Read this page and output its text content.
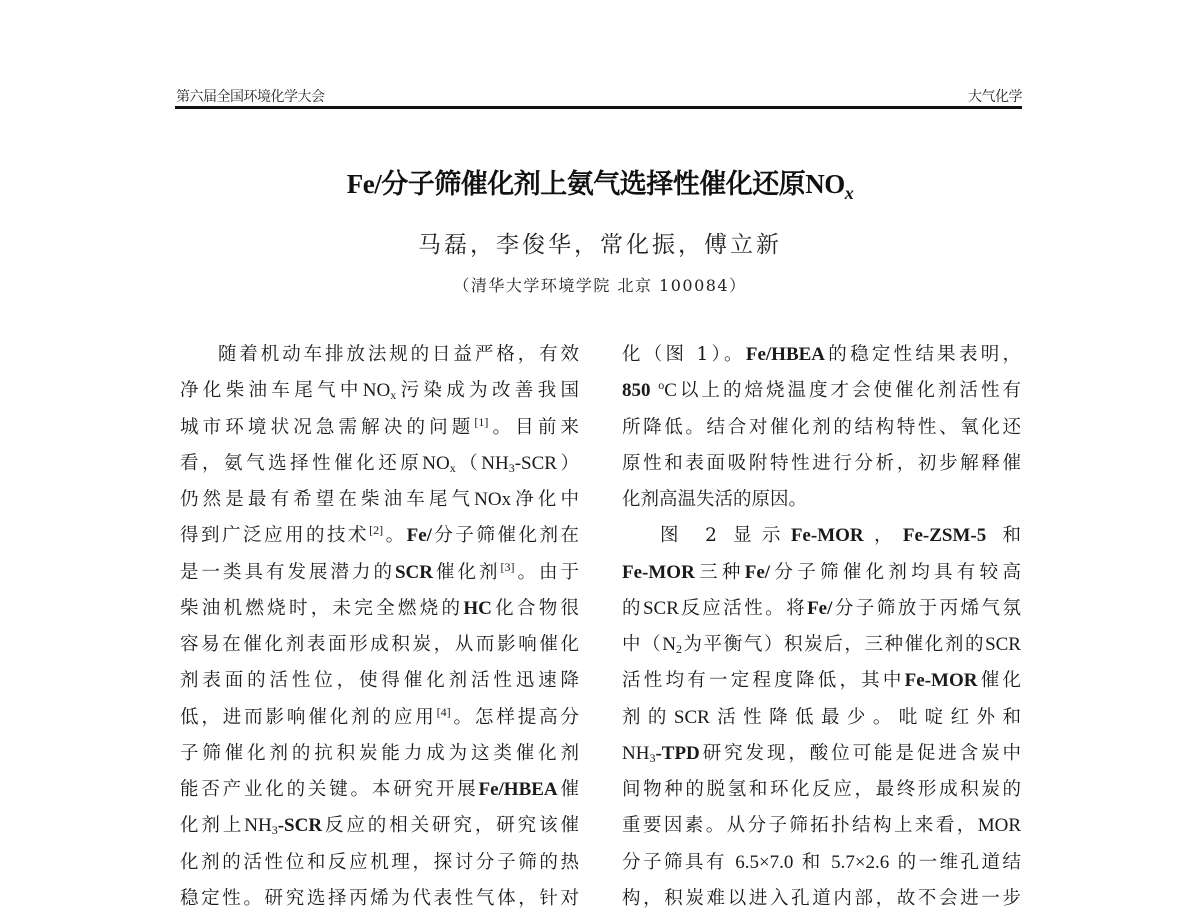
第六届全国环境化学大会	大气化学
Fe/分子筛催化剂上氨气选择性催化还原$NO_x$
马磊，李俊华，常化振，傅立新
（清华大学环境学院 北京 100084）
随着机动车排放法规的日益严格，有效
净化柴油车尾气中$NO_x$污染成为改善我国
城市环境状况急需解决的问题[1]。目前来
看，氨气选择性催化还原$NO_x(NH_3-SCR)$
仍然是最有希望在柴油车尾气NOx净化中
得到广泛应用的技术[2]。Fe/分子筛催化剂在
是一类具有发展潜力的SCR催化剂[3]。由于
柴油机燃烧时，未完全燃烧的HC化合物很
容易在催化剂表面形成积炭，从而影响催化
剂表面的活性位，使得催化剂活性迅速降
低，进而影响催化剂的应用[4]。怎样提高分
子筛催化剂的抗积炭能力成为这类催化剂
能否产业化的关键。本研究开展Fe/HBEA催
化剂上$NH_3$-SCR反应的相关研究，研究该催
化剂的活性位和反应机理，探讨分子筛的热
稳定性。研究选择丙烯为代表性气体，针对
化（图 1）。Fe/HBEA的稳定性结果表明，
850 $^o$C以上的焙烧温度才会使催化剂活性有
所降低。结合对催化剂的结构特性、氧化还
原性和表面吸附特性进行分析，初步解释催
化剂高温失活的原因。
图 2 显示Fe-MOR，Fe-ZSM-5 和
Fe-MOR三种Fe/分子筛催化剂均具有较高
的SCR反应活性。将Fe/分子筛放于丙烯气氛
中（$N_2$为平衡气）积炭后，三种催化剂的SCR
活性均有一定程度降低，其中Fe-MOR催化
剂的SCR活性降低最少。吡啶红外和
$NH_3$-TPD研究发现，酸位可能是促进含炭中
间物种的脱氢和环化反应，最终形成积炭的
重要因素。从分子筛拓扑结构上来看，MOR
分子筛具有 6.5×7.0 和 5.7×2.6 的一维孔道结
构，积炭难以进入孔道内部，故不会进一步
